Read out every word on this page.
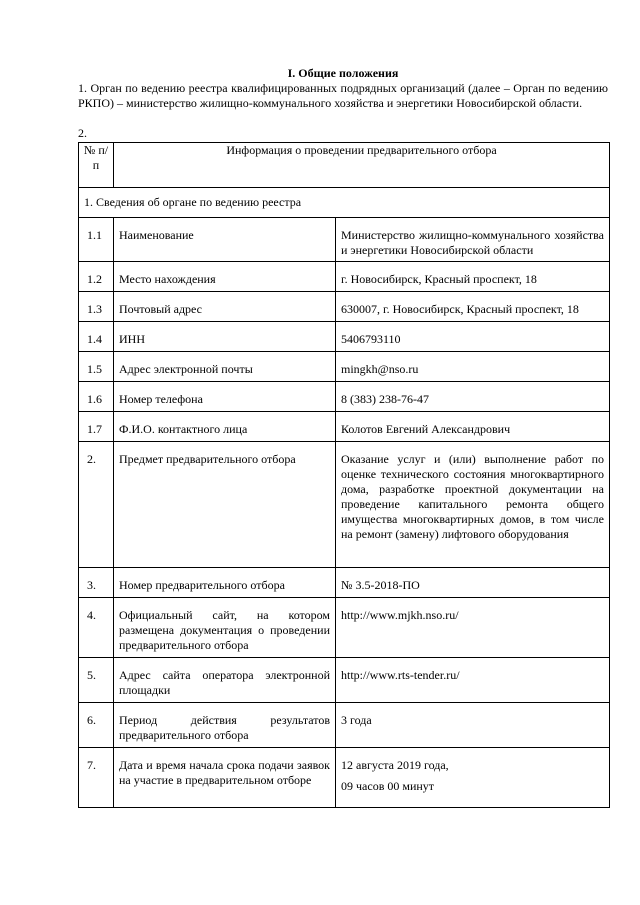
I. Общие положения
1. Орган по ведению реестра квалифицированных подрядных организаций (далее – Орган по ведению РКПО) – министерство жилищно-коммунального хозяйства и энергетики Новосибирской области.
2.
№ п/п	Информация о проведении предварительного отбора	
1. Сведения об органе по ведению реестра		
1.1	Наименование	Министерство жилищно-коммунального хозяйства и энергетики Новосибирской области
1.2	Место нахождения	г. Новосибирск, Красный проспект, 18
1.3	Почтовый адрес	630007, г. Новосибирск, Красный проспект, 18
1.4	ИНН	5406793110
1.5	Адрес электронной почты	mingkh@nso.ru
1.6	Номер телефона	8 (383) 238-76-47
1.7	Ф.И.О. контактного лица	Колотов Евгений Александрович
2.	Предмет предварительного отбора	Оказание услуг и (или) выполнение работ по оценке технического состояния многоквартирного дома, разработке проектной документации на проведение капитального ремонта общего имущества многоквартирных домов, в том числе на ремонт (замену) лифтового оборудования
3.	Номер предварительного отбора	№ 3.5-2018-ПО
4.	Официальный сайт, на котором размещена документация о проведении предварительного отбора	http://www.mjkh.nso.ru/
5.	Адрес сайта оператора электронной площадки	http://www.rts-tender.ru/
6.	Период действия результатов предварительного отбора	3 года
7.	Дата и время начала срока подачи заявок на участие в предварительном отборе	12 августа 2019 года,
09 часов 00 минут
